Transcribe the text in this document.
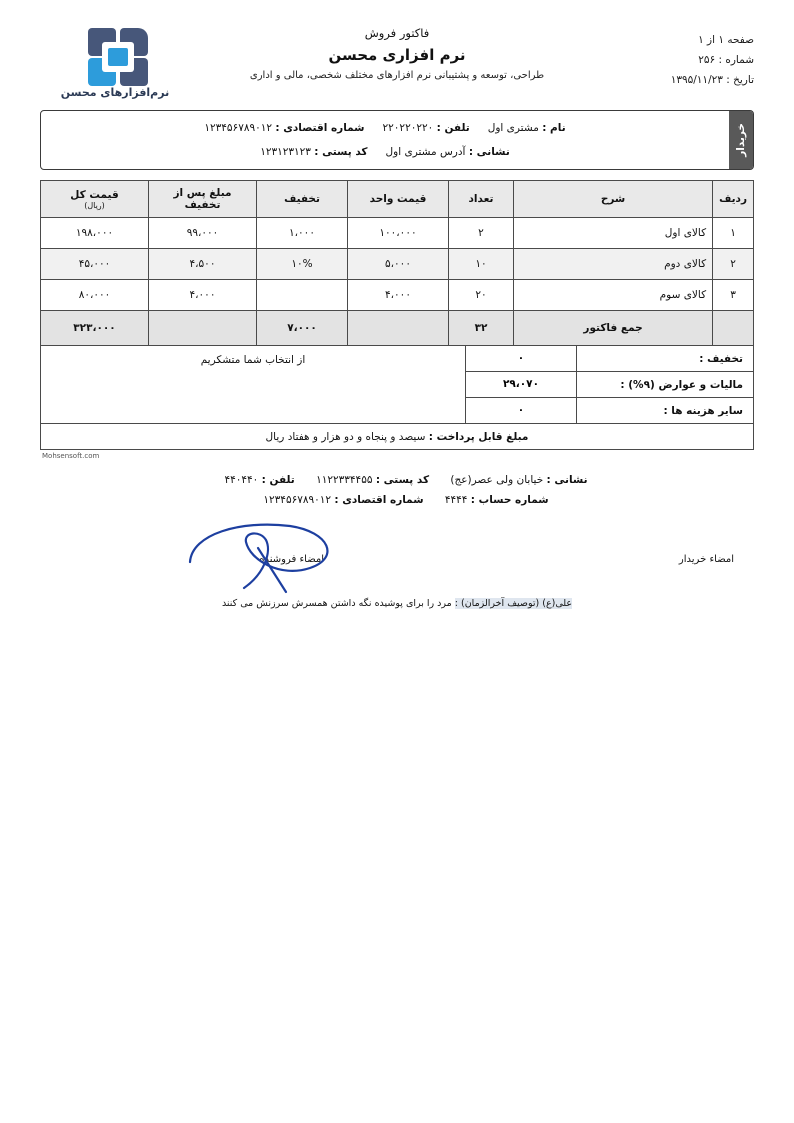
صفحه ۱ از ۱
شماره : ۲۵۶
تاریخ : ۱۳۹۵/۱۱/۲۳
فاکتور فروش
نرم افزاری محسن
طراحی، توسعه و پشتیبانی نرم افزارهای مختلف شخصی، مالی و اداری
نرم‌افزارهای محسن
خریدار
نام : مشتری اول
تلفن : ۲۲۰۲۲۰۲۲۰
شماره اقتصادی : ۱۲۳۴۵۶۷۸۹۰۱۲
نشانی : آدرس مشتری اول
کد پستی : ۱۲۳۱۲۳۱۲۳
ردیف	شرح	تعداد	قیمت واحد	تخفیف	مبلغ پس از تخفیف	قیمت کل
(ریال)

۱	کالای اول	۲	۱۰۰،۰۰۰	۱،۰۰۰	۹۹،۰۰۰	۱۹۸،۰۰۰
۲	کالای دوم	۱۰	۵،۰۰۰	۱۰%	۴،۵۰۰	۴۵،۰۰۰
۳	کالای سوم	۲۰	۴،۰۰۰		۴،۰۰۰	۸۰،۰۰۰
	جمع فاکتور	۳۲		۷،۰۰۰		۳۲۳،۰۰۰
تخفیف :
۰
مالیات و عوارض (۹%) :
۲۹،۰۷۰
سایر هزینه ها :
۰
از انتخاب شما متشکریم
مبلغ قابل پرداخت : سیصد و پنجاه و دو هزار و هفتاد ریال
Mohsensoft.com
نشانی : خیابان ولی عصر(عج) کد پستی : ۱۱۲۲۳۳۴۴۵۵ تلفن : ۴۴۰۴۴۰
شماره حساب : ۴۴۴۴ شماره اقتصادی : ۱۲۳۴۵۶۷۸۹۰۱۲
امضاء خریدار
امضاء فروشنده
علی(ع) (توصیف آخرالزمان) : مرد را برای پوشیده نگه داشتن همسرش سرزنش می کنند
